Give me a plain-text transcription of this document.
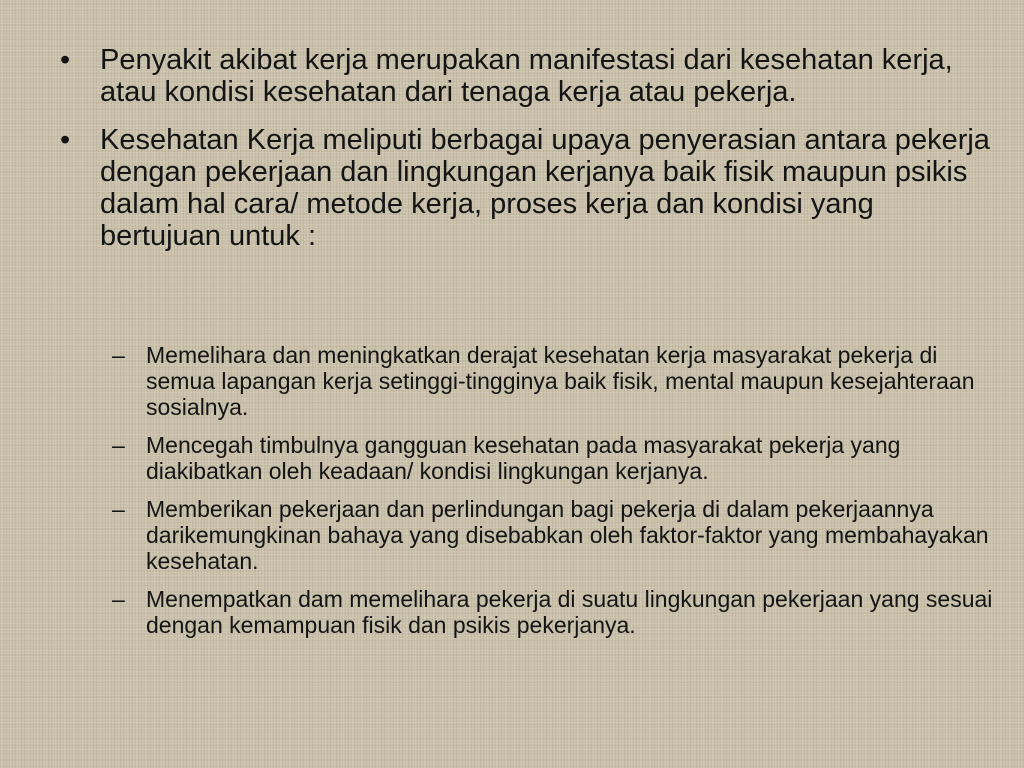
• Penyakit akibat kerja merupakan manifestasi dari kesehatan kerja, atau kondisi kesehatan dari tenaga kerja atau pekerja.
• Kesehatan Kerja meliputi berbagai upaya penyerasian antara pekerja dengan pekerjaan dan lingkungan kerjanya baik fisik maupun psikis dalam hal cara/ metode kerja, proses kerja dan kondisi yang bertujuan untuk :
– Memelihara dan meningkatkan derajat kesehatan kerja masyarakat pekerja di semua lapangan kerja setinggi-tingginya baik fisik, mental maupun kesejahteraan sosialnya.
– Mencegah timbulnya gangguan kesehatan pada masyarakat pekerja yang diakibatkan oleh keadaan/ kondisi lingkungan kerjanya.
– Memberikan pekerjaan dan perlindungan bagi pekerja di dalam pekerjaannya darikemungkinan bahaya yang disebabkan oleh faktor-faktor yang membahayakan kesehatan.
– Menempatkan dam memelihara pekerja di suatu lingkungan pekerjaan yang sesuai dengan kemampuan fisik dan psikis pekerjanya.
